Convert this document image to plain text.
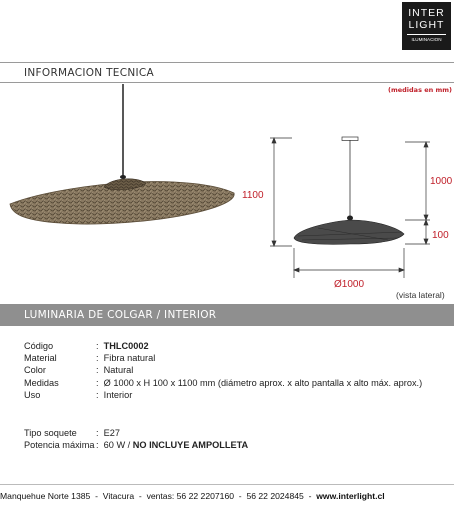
INTER
LIGHT
ILUMINACION
INFORMACION TECNICA
(medidas en mm)
1100
1000
100
Ø1000
(vista lateral)
LUMINARIA DE COLGAR / INTERIOR
Código	:  THLC0002
Material	:  Fibra natural
Color	:  Natural
Medidas	:  Ø 1000 x H 100 x 1100 mm (diámetro aprox. x alto pantalla x alto máx. aprox.)
Uso	:  Interior
Tipo soquete	:  E27
Potencia máxima :  60 W / NO INCLUYE AMPOLLETA
Manquehue Norte 1385 - Vitacura - ventas: 56 22 2207160 - 56 22 2024845 - www.interlight.cl
